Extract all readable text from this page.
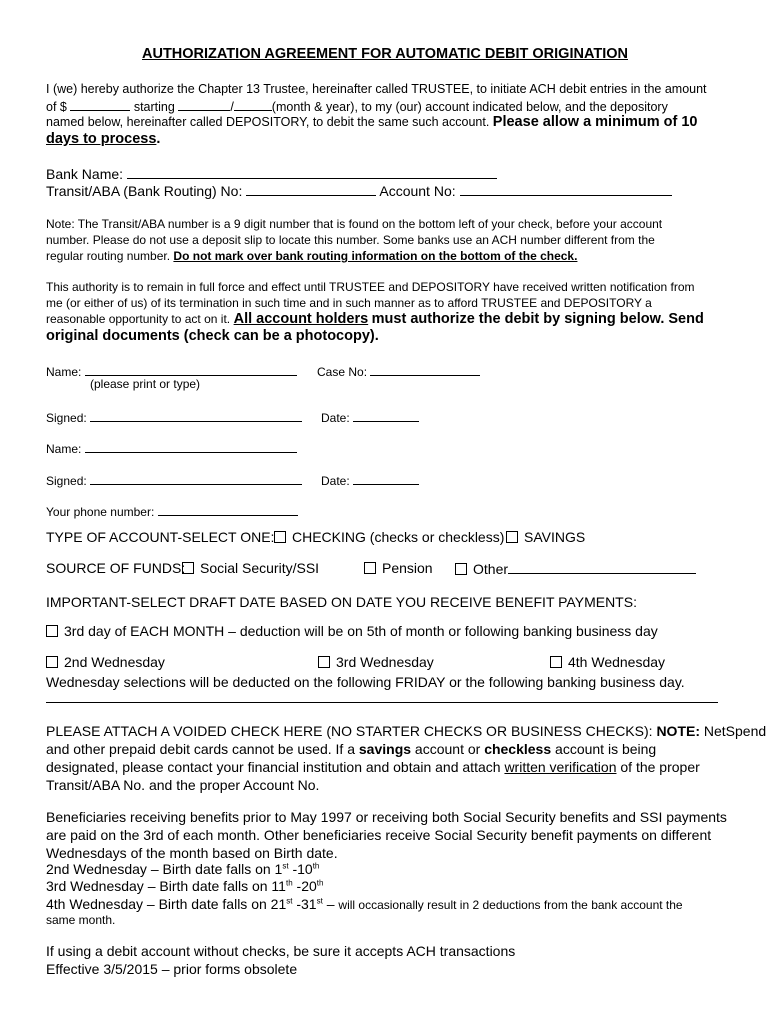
AUTHORIZATION AGREEMENT FOR AUTOMATIC DEBIT ORIGINATION
I (we) hereby authorize the Chapter 13 Trustee, hereinafter called TRUSTEE, to initiate ACH debit entries in the amount
of $	starting	/	(month & year), to my (our) account indicated below, and the depository
named below, hereinafter called DEPOSITORY, to debit the same such account. Please allow a minimum of 10
days to process.
Bank Name:
Transit/ABA (Bank Routing) No:	Account No:
Note: The Transit/ABA number is a 9 digit number that is found on the bottom left of your check, before your account
number. Please do not use a deposit slip to locate this number. Some banks use an ACH number different from the
regular routing number. Do not mark over bank routing information on the bottom of the check.
This authority is to remain in full force and effect until TRUSTEE and DEPOSITORY have received written notification from
me (or either of us) of its termination in such time and in such manner as to afford TRUSTEE and DEPOSITORY a
reasonable opportunity to act on it. All account holders must authorize the debit by signing below. Send
original documents (check can be a photocopy).
Name:	Case No:
(please print or type)
Signed:	Date:
Name:
Signed:	Date:
Your phone number:
TYPE OF ACCOUNT-SELECT ONE:	CHECKING (checks or checkless)	SAVINGS
SOURCE OF FUNDS:	Social Security/SSI	Pension	Other
IMPORTANT-SELECT DRAFT DATE BASED ON DATE YOU RECEIVE BENEFIT PAYMENTS:
3rd day of EACH MONTH – deduction will be on 5th of month or following banking business day
2nd Wednesday	3rd Wednesday	4th Wednesday
Wednesday selections will be deducted on the following FRIDAY or the following banking business day.
PLEASE ATTACH A VOIDED CHECK HERE (NO STARTER CHECKS OR BUSINESS CHECKS): NOTE: NetSpend
and other prepaid debit cards cannot be used. If a savings account or checkless account is being
designated, please contact your financial institution and obtain and attach written verification of the proper
Transit/ABA No. and the proper Account No.
Beneficiaries receiving benefits prior to May 1997 or receiving both Social Security benefits and SSI payments
are paid on the 3rd of each month. Other beneficiaries receive Social Security benefit payments on different
Wednesdays of the month based on Birth date.
2nd Wednesday – Birth date falls on 1st -10th
3rd Wednesday – Birth date falls on 11th -20th
4th Wednesday – Birth date falls on 21st -31st – will occasionally result in 2 deductions from the bank account the
same month.
If using a debit account without checks, be sure it accepts ACH transactions
Effective 3/5/2015 – prior forms obsolete
